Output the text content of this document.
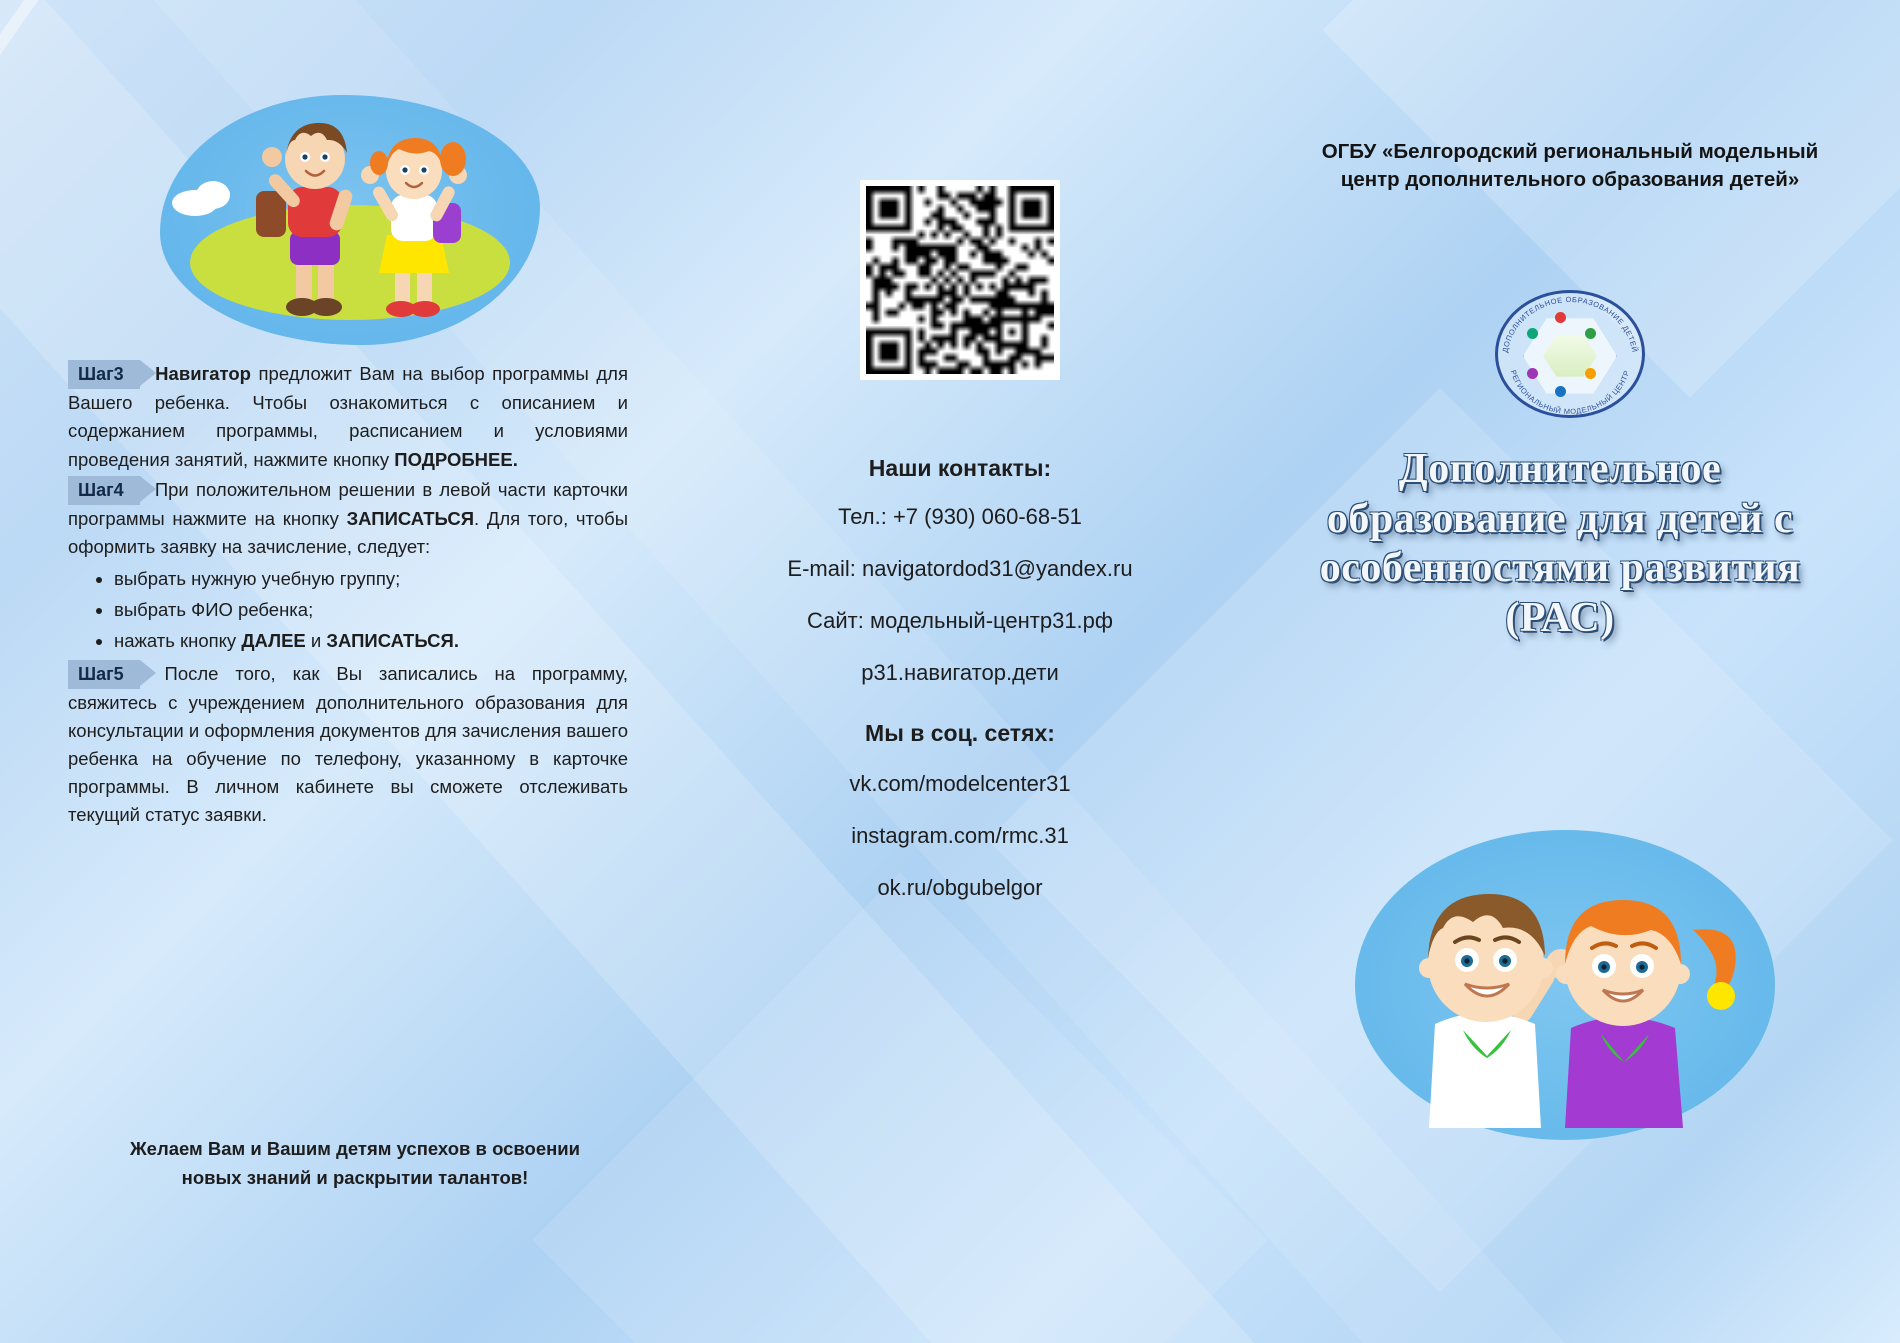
Шаг3 Навигатор предложит Вам на выбор программы для Вашего ребенка. Чтобы ознакомиться с описанием и содержанием программы, расписанием и условиями проведения занятий, нажмите кнопку ПОДРОБНЕЕ.

Шаг4 При положительном решении в левой части карточки программы нажмите на кнопку ЗАПИСАТЬСЯ. Для того, чтобы оформить заявку на зачисление, следует:

• выбрать нужную учебную группу;
• выбрать ФИО ребенка;
• нажать кнопку ДАЛЕЕ и ЗАПИСАТЬСЯ.

Шаг5 После того, как Вы записались на программу, свяжитесь с учреждением дополнительного образования для консультации и оформления документов для зачисления вашего ребенка на обучение по телефону, указанному в карточке программы. В личном кабинете вы сможете отслеживать текущий статус заявки.

Желаем Вам и Вашим детям успехов в освоении новых знаний и раскрытии талантов!
Наши контакты:
Тел.: +7 (930) 060-68-51
E-mail: navigatordod31@yandex.ru
Сайт: модельный-центр31.рф
р31.навигатор.дети
Мы в соц. сетях:
vk.com/modelcenter31
instagram.com/rmc.31
ok.ru/obgubelgor
ОГБУ «Белгородский региональный модельный центр дополнительного образования детей»
ДОПОЛНИТЕЛЬНОЕ ОБРАЗОВАНИЕ ДЕТЕЙ
РЕГИОНАЛЬНЫЙ МОДЕЛЬНЫЙ ЦЕНТР
Дополнительное образование для детей с особенностями развития (РАС)
